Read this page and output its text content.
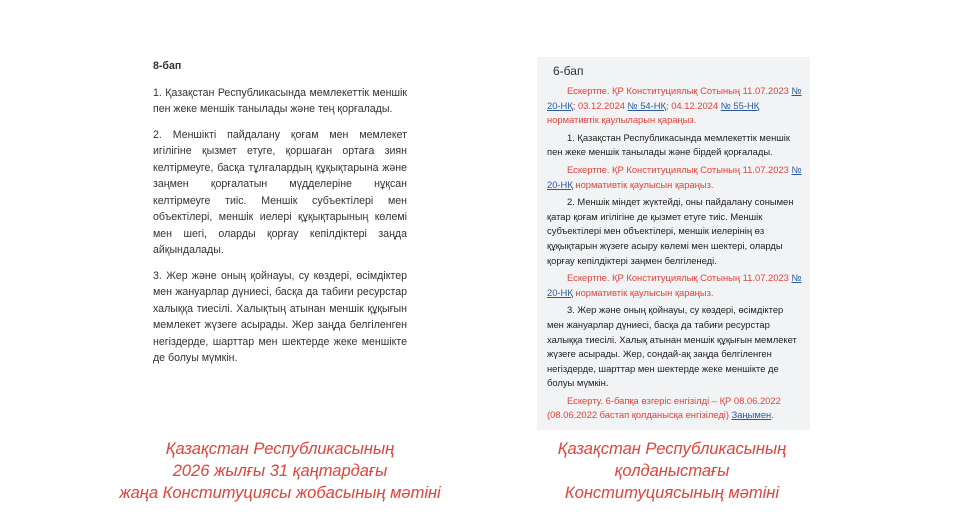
8-бап

1. Қазақстан Республикасында мемлекеттік меншік пен жеке меншік танылады және тең қорғалады.

2. Меншікті пайдалану қоғам мен мемлекет игілігіне қызмет етуге, қоршаған ортаға зиян келтірмеуге, басқа тұлғалардың құқықтарына және заңмен қорғалатын мүдделеріне нұқсан келтірмеуге тиіс. Меншік субъектілері мен объектілері, меншік иелері құқықтарының көлемі мен шегі, оларды қорғау кепілдіктері заңда айқындалады.

3. Жер және оның қойнауы, су көздері, өсімдіктер мен жануарлар дүниесі, басқа да табиғи ресурстар халыққа тиесілі. Халықтың атынан меншік құқығын мемлекет жүзеге асырады. Жер заңда белгіленген негіздерде, шарттар мен шектерде жеке меншікте де болуы мүмкін.

6-бап

Ескертпе. ҚР Конституциялық Сотының 11.07.2023 № 20-НҚ; 03.12.2024 № 54-НҚ; 04.12.2024 № 55-НҚ нормативтік қаулыларын қараңыз.

1. Қазақстан Республикасында мемлекеттік меншік пен жеке меншік танылады және бірдей қорғалады.

Ескертпе. ҚР Конституциялық Сотының 11.07.2023 № 20-НҚ нормативтік қаулысын қараңыз.

2. Меншік міндет жүктейді, оны пайдалану сонымен қатар қоғам игілігіне де қызмет етуге тиіс. Меншік субъектілері мен объектілері, меншік иелерінің өз құқықтарын жүзеге асыру көлемі мен шектері, оларды қорғау кепілдіктері заңмен белгіленеді.

Ескертпе. ҚР Конституциялық Сотының 11.07.2023 № 20-НҚ нормативтік қаулысын қараңыз.

3. Жер және оның қойнауы, су көздері, өсімдіктер мен жануарлар дүниесі, басқа да табиғи ресурстар халыққа тиесілі. Халық атынан меншік құқығын мемлекет жүзеге асырады. Жер, сондай-ақ заңда белгіленген негіздерде, шарттар мен шектерде жеке меншікте де болуы мүмкін.

Ескерту. 6-бапқа өзгеріс енгізілді – ҚР 08.06.2022 (08.06.2022 бастап қолданысқа енгізіледі) Заңымен.

Қазақстан Республикасының
2026 жылғы 31 қаңтардағы
жаңа Конституциясы жобасының мәтіні
Қазақстан Республикасының
қолданыстағы
Конституциясының мәтіні
